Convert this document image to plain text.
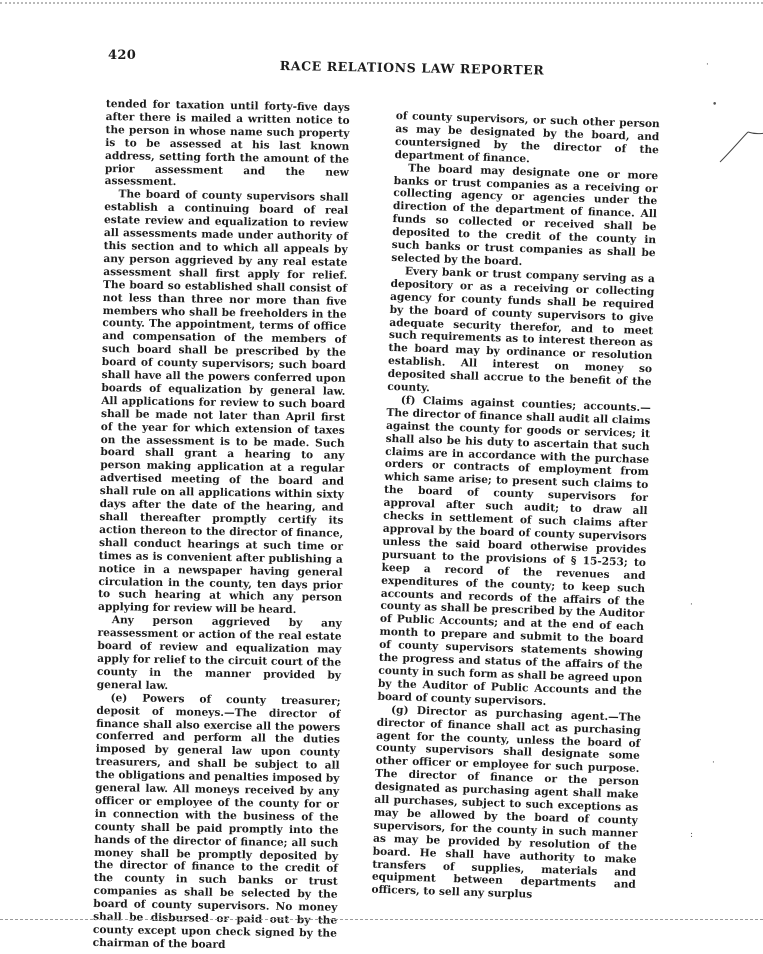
420
RACE RELATIONS LAW REPORTER

tended for taxation until forty-five days after there is mailed a written notice to the person in whose name such property is to be assessed at his last known address, setting forth the amount of the prior assessment and the new assessment.

The board of county supervisors shall establish a continuing board of real estate review and equalization to review all assessments made under authority of this section and to which all appeals by any person aggrieved by any real estate assessment shall first apply for relief. The board so established shall consist of not less than three nor more than five members who shall be freeholders in the county. The appointment, terms of office and compensation of the members of such board shall be prescribed by the board of county supervisors; such board shall have all the powers conferred upon boards of equalization by general law. All applications for review to such board shall be made not later than April first of the year for which extension of taxes on the assessment is to be made. Such board shall grant a hearing to any person making application at a regular advertised meeting of the board and shall rule on all applications within sixty days after the date of the hearing, and shall thereafter promptly certify its action thereon to the director of finance, shall conduct hearings at such time or times as is convenient after publishing a notice in a newspaper having general circulation in the county, ten days prior to such hearing at which any person applying for review will be heard.

Any person aggrieved by any reassessment or action of the real estate board of review and equalization may apply for relief to the circuit court of the county in the manner provided by general law.

(e) Powers of county treasurer; deposit of moneys.—The director of finance shall also exercise all the powers conferred and perform all the duties imposed by general law upon county treasurers, and shall be subject to all the obligations and penalties imposed by general law. All moneys received by any officer or employee of the county for or in connection with the business of the county shall be paid promptly into the hands of the director of finance; all such money shall be promptly deposited by the director of finance to the credit of the county in such banks or trust companies as shall be selected by the board of county supervisors. No money shall be disbursed or paid out by the county except upon check signed by the chairman of the board

of county supervisors, or such other person as may be designated by the board, and countersigned by the director of the department of finance.

The board may designate one or more banks or trust companies as a receiving or collecting agency or agencies under the direction of the department of finance. All funds so collected or received shall be deposited to the credit of the county in such banks or trust companies as shall be selected by the board.

Every bank or trust company serving as a depository or as a receiving or collecting agency for county funds shall be required by the board of county supervisors to give adequate security therefor, and to meet such requirements as to interest thereon as the board may by ordinance or resolution establish. All interest on money so deposited shall accrue to the benefit of the county.

(f) Claims against counties; accounts.—The director of finance shall audit all claims against the county for goods or services; it shall also be his duty to ascertain that such claims are in accordance with the purchase orders or contracts of employment from which same arise; to present such claims to the board of county supervisors for approval after such audit; to draw all checks in settlement of such claims after approval by the board of county supervisors unless the said board otherwise provides pursuant to the provisions of § 15-253; to keep a record of the revenues and expenditures of the county; to keep such accounts and records of the affairs of the county as shall be prescribed by the Auditor of Public Accounts; and at the end of each month to prepare and submit to the board of county supervisors statements showing the progress and status of the affairs of the county in such form as shall be agreed upon by the Auditor of Public Accounts and the board of county supervisors.

(g) Director as purchasing agent.—The director of finance shall act as purchasing agent for the county, unless the board of county supervisors shall designate some other officer or employee for such purpose. The director of finance or the person designated as purchasing agent shall make all purchases, subject to such exceptions as may be allowed by the board of county supervisors, for the county in such manner as may be provided by resolution of the board. He shall have authority to make transfers of supplies, materials and equipment between departments and officers, to sell any surplus

•
·
·
:
·
